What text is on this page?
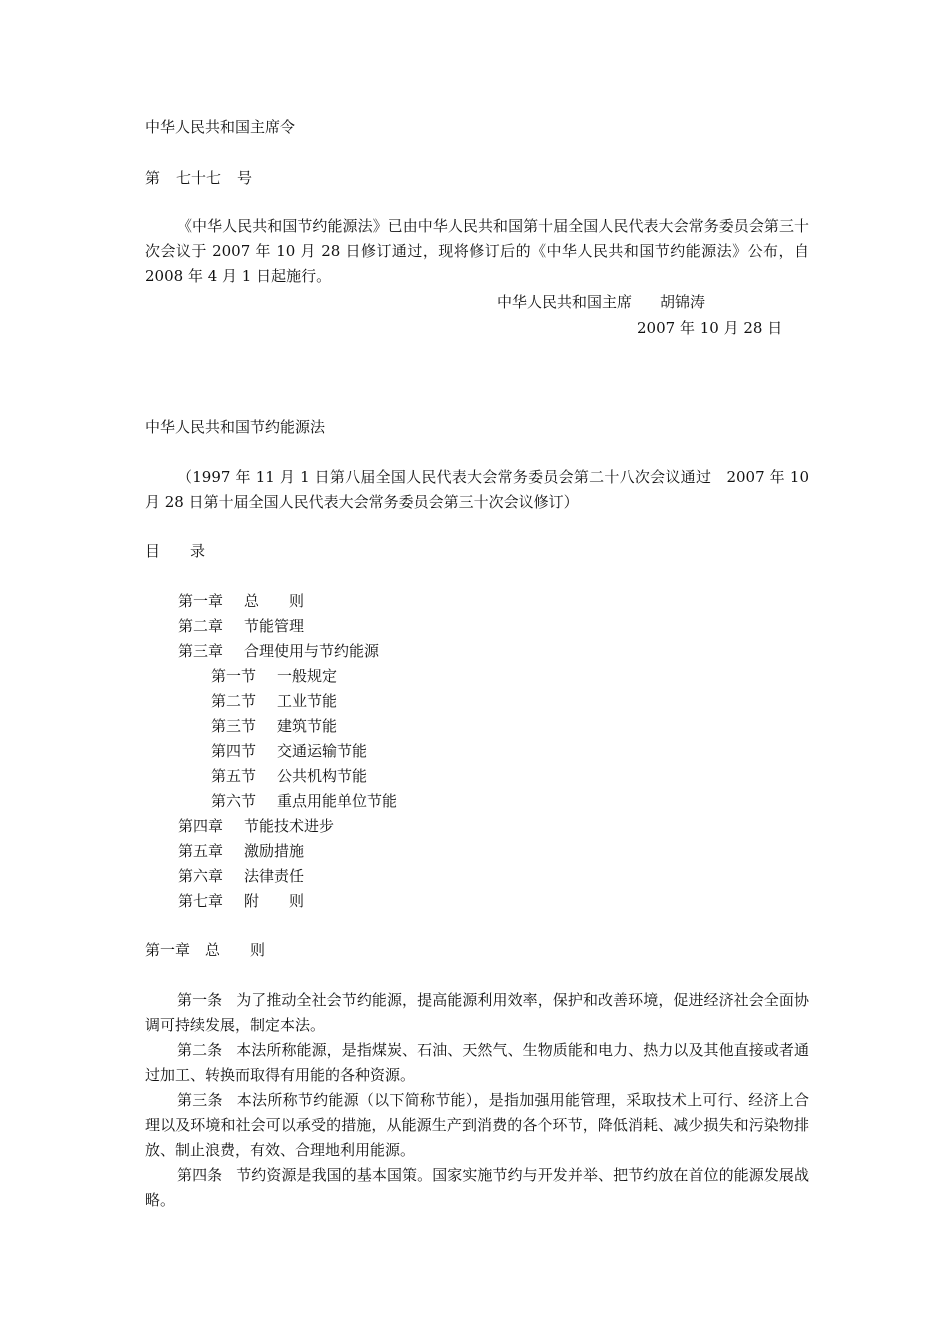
中华人民共和国主席令

第 七十七 号

《中华人民共和国节约能源法》已由中华人民共和国第十届全国人民代表大会常务委员会第三十次会议于 2007 年 10 月 28 日修订通过，现将修订后的《中华人民共和国节约能源法》公布，自 2008 年 4 月 1 日起施行。

中华人民共和国主席 胡锦涛

2007 年 10 月 28 日

中华人民共和国节约能源法

（1997 年 11 月 1 日第八届全国人民代表大会常务委员会第二十八次会议通过　2007 年 10 月 28 日第十届全国人民代表大会常务委员会第三十次会议修订）

目　　录

第一章 总　　则
第二章 节能管理
第三章 合理使用与节约能源
第一节 一般规定
第二节 工业节能
第三节 建筑节能
第四节 交通运输节能
第五节 公共机构节能
第六节 重点用能单位节能
第四章 节能技术进步
第五章 激励措施
第六章 法律责任
第七章 附　　则

第一章　总　　则

第一条 为了推动全社会节约能源，提高能源利用效率，保护和改善环境，促进经济社会全面协调可持续发展，制定本法。

第二条 本法所称能源，是指煤炭、石油、天然气、生物质能和电力、热力以及其他直接或者通过加工、转换而取得有用能的各种资源。

第三条 本法所称节约能源（以下简称节能），是指加强用能管理，采取技术上可行、经济上合理以及环境和社会可以承受的措施，从能源生产到消费的各个环节，降低消耗、减少损失和污染物排放、制止浪费，有效、合理地利用能源。

第四条 节约资源是我国的基本国策。国家实施节约与开发并举、把节约放在首位的能源发展战略。
